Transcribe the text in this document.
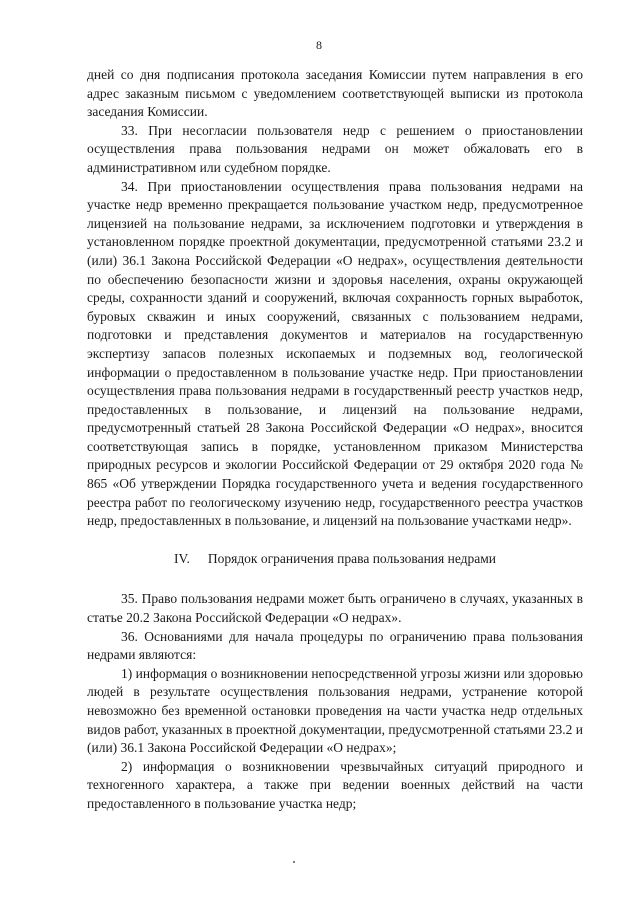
8

дней со дня подписания протокола заседания Комиссии путем направления в его адрес заказным письмом с уведомлением соответствующей выписки из протокола заседания Комиссии.

33. При несогласии пользователя недр с решением о приостановлении осуществления права пользования недрами он может обжаловать его в административном или судебном порядке.

34. При приостановлении осуществления права пользования недрами на участке недр временно прекращается пользование участком недр, предусмотренное лицензией на пользование недрами, за исключением подготовки и утверждения в установленном порядке проектной документации, предусмотренной статьями 23.2 и (или) 36.1 Закона Российской Федерации «О недрах», осуществления деятельности по обеспечению безопасности жизни и здоровья населения, охраны окружающей среды, сохранности зданий и сооружений, включая сохранность горных выработок, буровых скважин и иных сооружений, связанных с пользованием недрами, подготовки и представления документов и материалов на государственную экспертизу запасов полезных ископаемых и подземных вод, геологической информации о предоставленном в пользование участке недр. При приостановлении осуществления права пользования недрами в государственный реестр участков недр, предоставленных в пользование, и лицензий на пользование недрами, предусмотренный статьей 28 Закона Российской Федерации «О недрах», вносится соответствующая запись в порядке, установленном приказом Министерства природных ресурсов и экологии Российской Федерации от 29 октября 2020 года № 865 «Об утверждении Порядка государственного учета и ведения государственного реестра работ по геологическому изучению недр, государственного реестра участков недр, предоставленных в пользование, и лицензий на пользование участками недр».

IV. Порядок ограничения права пользования недрами

35. Право пользования недрами может быть ограничено в случаях, указанных в статье 20.2 Закона Российской Федерации «О недрах».

36. Основаниями для начала процедуры по ограничению права пользования недрами являются:

1) информация о возникновении непосредственной угрозы жизни или здоровью людей в результате осуществления пользования недрами, устранение которой невозможно без временной остановки проведения на части участка недр отдельных видов работ, указанных в проектной документации, предусмотренной статьями 23.2 и (или) 36.1 Закона Российской Федерации «О недрах»;

2) информация о возникновении чрезвычайных ситуаций природного и техногенного характера, а также при ведении военных действий на части предоставленного в пользование участка недр;
